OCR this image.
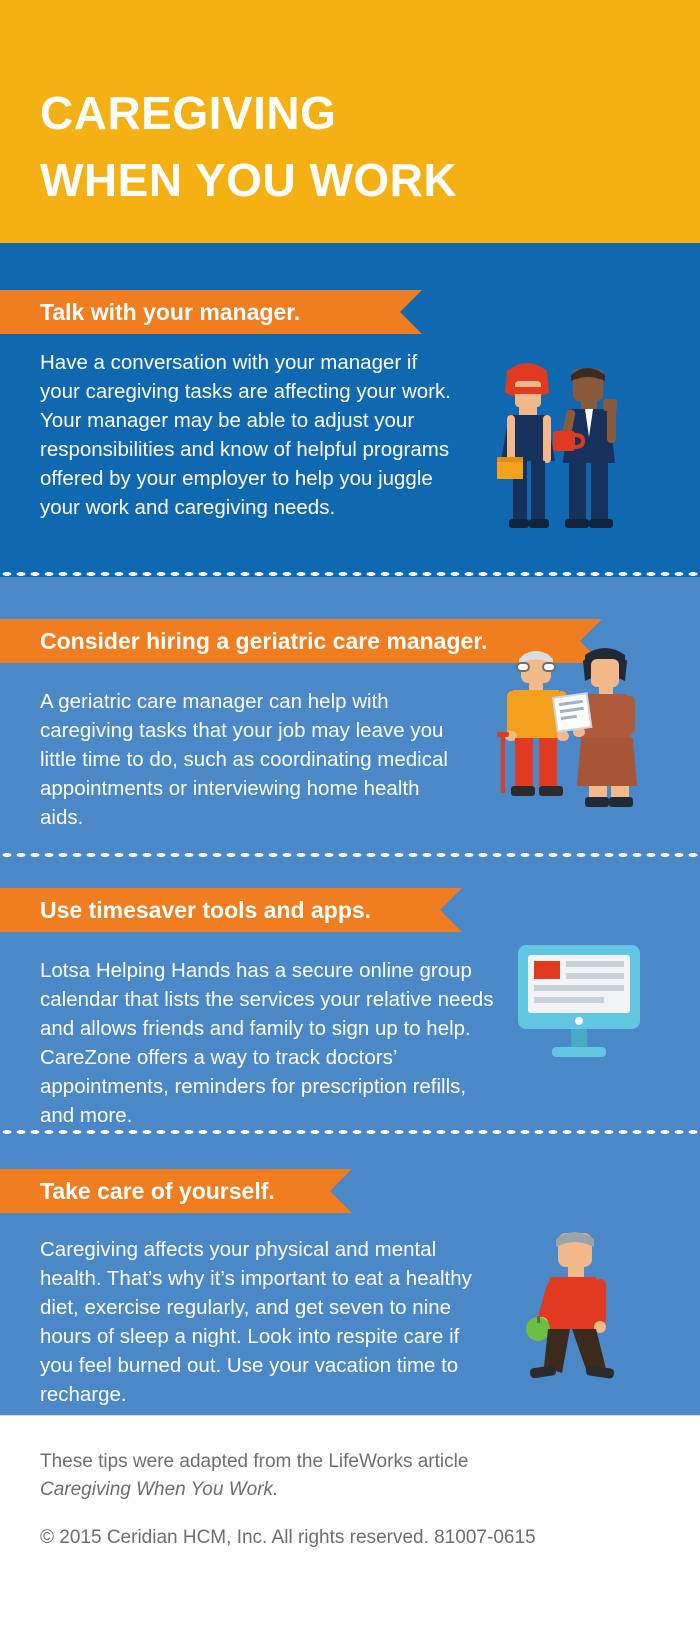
CAREGIVING
WHEN YOU WORK
Talk with your manager.
Have a conversation with your manager if your caregiving tasks are affecting your work. Your manager may be able to adjust your responsibilities and know of helpful programs offered by your employer to help you juggle your work and caregiving needs.
Consider hiring a geriatric care manager.
A geriatric care manager can help with caregiving tasks that your job may leave you little time to do, such as coordinating medical appointments or interviewing home health aids.
Use timesaver tools and apps.
Lotsa Helping Hands has a secure online group calendar that lists the services your relative needs and allows friends and family to sign up to help. CareZone offers a way to track doctors’ appointments, reminders for prescription refills, and more.
Take care of yourself.
Caregiving affects your physical and mental health. That’s why it’s important to eat a healthy diet, exercise regularly, and get seven to nine hours of sleep a night. Look into respite care if you feel burned out. Use your vacation time to recharge.
These tips were adapted from the LifeWorks article
Caregiving When You Work.
© 2015 Ceridian HCM, Inc. All rights reserved. 81007-0615
